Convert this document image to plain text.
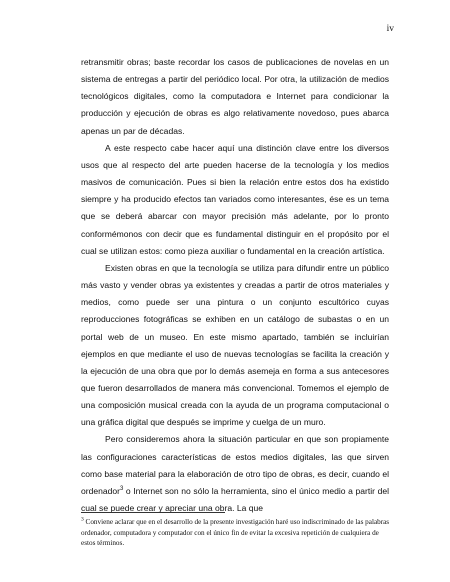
iv

retransmitir obras; baste recordar los casos de publicaciones de novelas en un sistema de entregas a partir del periódico local. Por otra, la utilización de medios tecnológicos digitales, como la computadora e Internet para condicionar la producción y ejecución de obras es algo relativamente novedoso, pues abarca apenas un par de décadas.

A este respecto cabe hacer aquí una distinción clave entre los diversos usos que al respecto del arte pueden hacerse de la tecnología y los medios masivos de comunicación. Pues si bien la relación entre estos dos ha existido siempre y ha producido efectos tan variados como interesantes, ése es un tema que se deberá abarcar con mayor precisión más adelante, por lo pronto conformémonos con decir que es fundamental distinguir en el propósito por el cual se utilizan estos: como pieza auxiliar o fundamental en la creación artística.

Existen obras en que la tecnología se utiliza para difundir entre un público más vasto y vender obras ya existentes y creadas a partir de otros materiales y medios, como puede ser una pintura o un conjunto escultórico cuyas reproducciones fotográficas se exhiben en un catálogo de subastas o en un portal web de un museo. En este mismo apartado, también se incluirían ejemplos en que mediante el uso de nuevas tecnologías se facilita la creación y la ejecución de una obra que por lo demás asemeja en forma a sus antecesores que fueron desarrollados de manera más convencional. Tomemos el ejemplo de una composición musical creada con la ayuda de un programa computacional o una gráfica digital que después se imprime y cuelga de un muro.

Pero consideremos ahora la situación particular en que son propiamente las configuraciones características de estos medios digitales, las que sirven como base material para la elaboración de otro tipo de obras, es decir, cuando el ordenador$^3$ o Internet son no sólo la herramienta, sino el único medio a partir del cual se puede crear y apreciar una obra. La que

$^3$ Conviene aclarar que en el desarrollo de la presente investigación haré uso indiscriminado de las palabras ordenador, computadora y computador con el único fin de evitar la excesiva repetición de cualquiera de estos términos.
